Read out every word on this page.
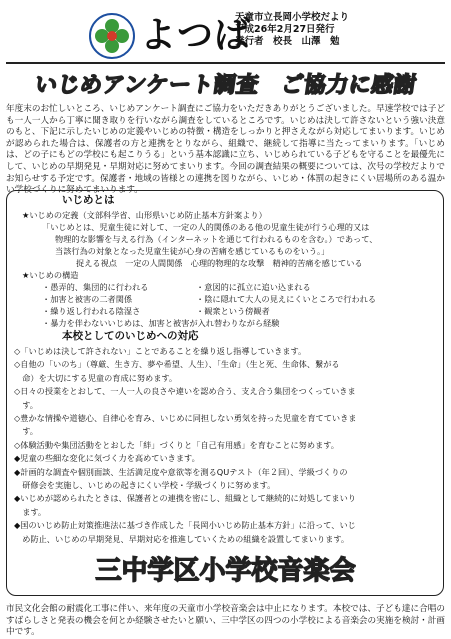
よつば
天童市立長岡小学校だより
平成26年2月27日発行
発行者　校長　山澤　勉
いじめアンケート調査　ご協力に感謝
年度末のお忙しいところ、いじめアンケート調査にご協力をいただきありがとうございました。早速学校では子ども一人一人から丁寧に聞き取りを行いながら調査をしているところです。いじめは決して許さないという強い決意のもと、下記に示したいじめの定義やいじめの特徴・構造をしっかりと押さえながら対応してまいります。いじめが認められた場合は、保護者の方と連携をとりながら、組織で、継続して指導に当たってまいります。「いじめは、どの子にもどの学校にも起こりうる」という基本認識に立ち、いじめられている子どもを守ることを最優先にして、いじめの早期発見・早期対応に努めてまいります。今回の調査結果の概要については、次号の学校だよりでお知らせする予定です。保護者・地域の皆様との連携を図りながら、いじめ・体罰の起きにくい居場所のある温かい学校づくりに努めてまいります。
いじめとは
★いじめの定義（文部科学省、山形県いじめ防止基本方針案より）
「いじめとは、児童生徒に対して、一定の人的関係のある他の児童生徒が行う心理的又は
物理的な影響を与える行為（インターネットを通じて行われるものを含む。）であって、
当該行為の対象となった児童生徒が心身の苦痛を感じているものをいう。」
捉える視点　一定の人間関係　心理的物理的な攻撃　精神的苦痛を感じている
★いじめの構造
・愚弄的、集団的に行われる	・意図的に孤立に追い込まれる
・加害と被害の二者関係	・陰に隠れて大人の見えにくいところで行われる
・繰り返し行われる陰湿さ	・観衆という傍観者
・暴力を伴わないいじめは、加害と被害が入れ替わりながら経験
本校としてのいじめへの対応
◇「いじめは決して許されない」ことであることを繰り返し指導していきます。
◇自他の「いのち」（尊厳、生き方、夢や希望、人生）、「生命」（生と死、生命体、繋がる
　命）を大切にする児童の育成に努めます。
◇日々の授業をとおして、一人一人の良さや違いを認め合う、支え合う集団をつくっていきま
　す。
◇豊かな情操や道徳心、自律心を育み、いじめに同担しない勇気を持った児童を育てていきま
　す。
◇体験活動や集団活動をとおした「絆」づくりと「自己有用感」を育むことに努めます。
◆児童の些細な変化に気づく力を高めていきます。
◆計画的な調査や個別面談、生活満足度や意欲等を測るQUテスト（年２回）、学級づくりの
　研修会を実施し、いじめの起きにくい学校・学級づくりに努めます。
◆いじめが認められたときは、保護者との連携を密にし、組織として継続的に対処してまいり
　ます。
◆国のいじめ防止対策推進法に基づき作成した「長岡小いじめ防止基本方針」に沿って、いじ
　め防止、いじめの早期発見、早期対応を推進していくための組織を設置してまいります。
三中学区小学校音楽会
市民文化会館の耐震化工事に伴い、来年度の天童市小学校音楽会は中止になります。本校では、子ども達に合唱のすばらしさと発表の機会を何とか経験させたいと願い、三中学区の四つの小学校による音楽会の実施を検討・計画中です。
